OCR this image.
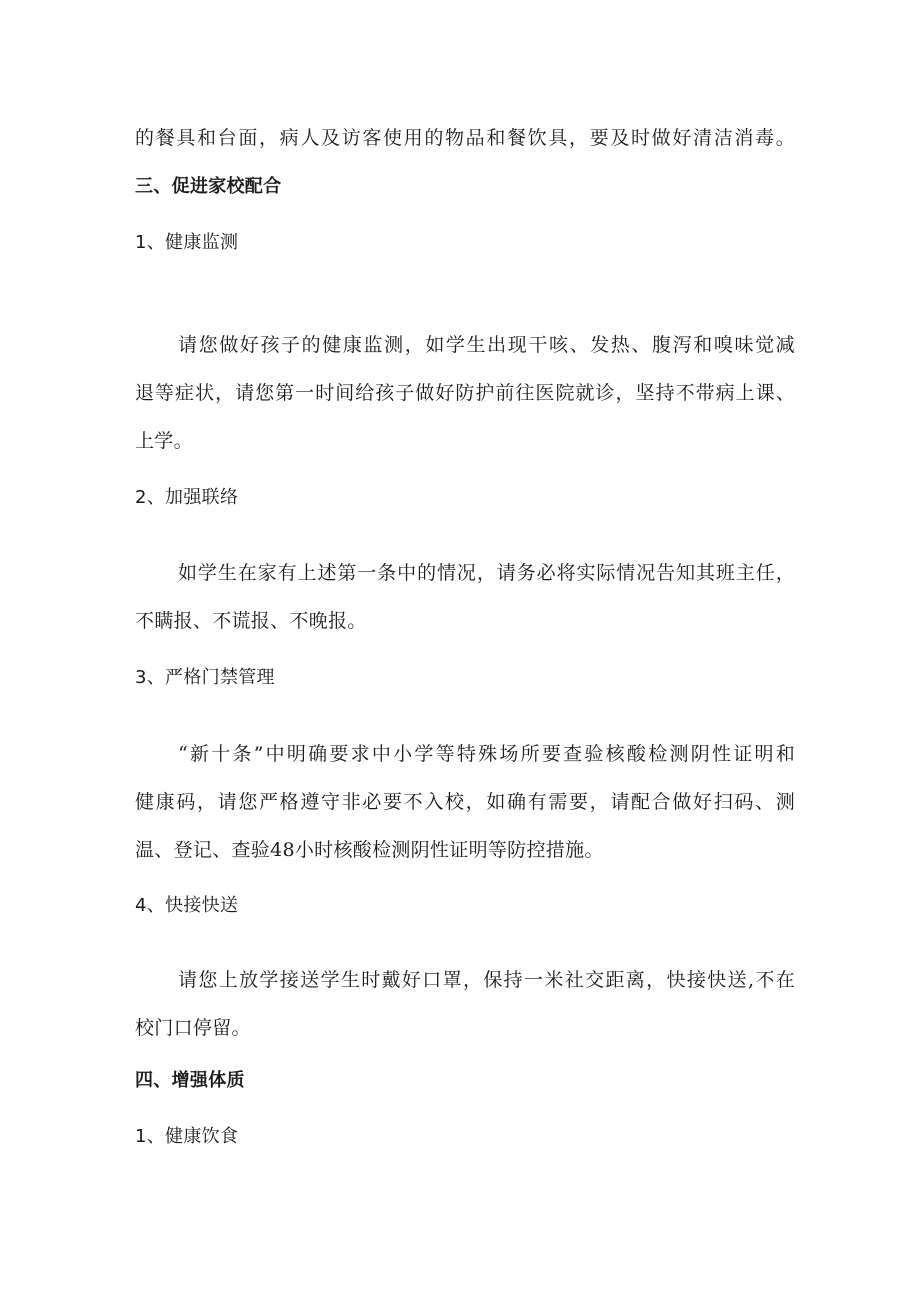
的餐具和台面，病人及访客使用的物品和餐饮具，要及时做好清洁消毒。
三、促进家校配合
1、健康监测
请您做好孩子的健康监测，如学生出现干咳、发热、腹泻和嗅味觉减
退等症状，请您第一时间给孩子做好防护前往医院就诊，坚持不带病上课、
上学。
2、加强联络
如学生在家有上述第一条中的情况，请务必将实际情况告知其班主任，
不瞒报、不谎报、不晚报。
3、严格门禁管理
“新十条”中明确要求中小学等特殊场所要查验核酸检测阴性证明和
健康码，请您严格遵守非必要不入校，如确有需要，请配合做好扫码、测
温、登记、查验48小时核酸检测阴性证明等防控措施。
4、快接快送
请您上放学接送学生时戴好口罩，保持一米社交距离，快接快送,不在
校门口停留。
四、增强体质
1、健康饮食
